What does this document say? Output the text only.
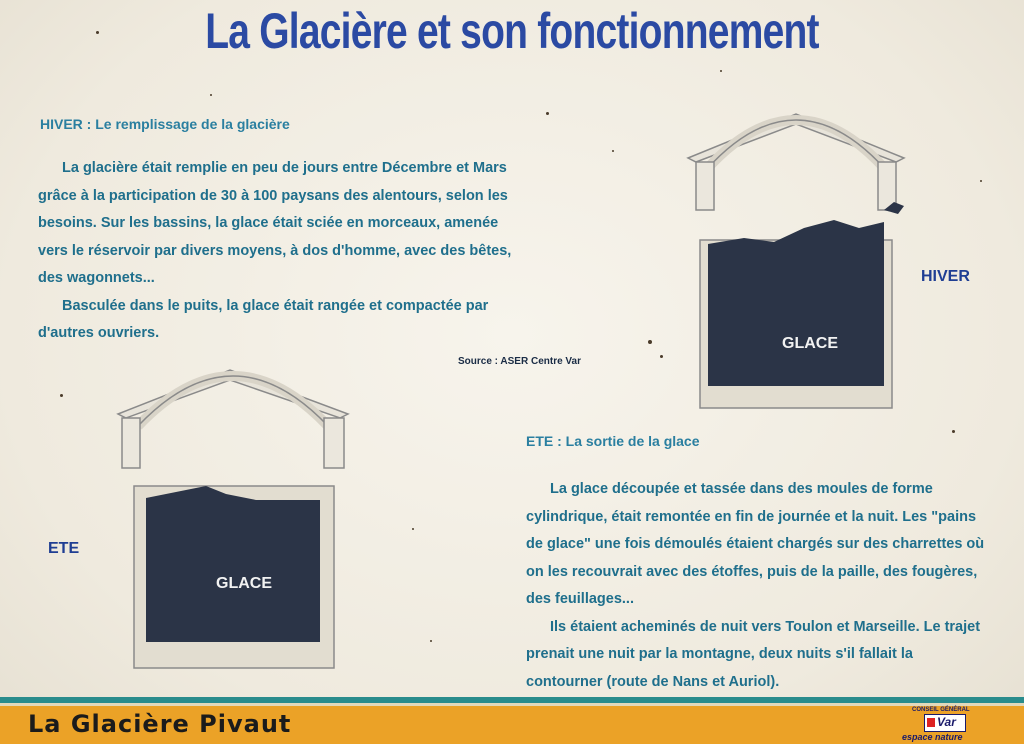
La Glacière et son fonctionnement
HIVER : Le remplissage de la glacière

La glacière était remplie en peu de jours entre Décembre et Mars grâce à la participation de 30 à 100 paysans des alentours, selon les besoins. Sur les bassins, la glace était sciée en morceaux, amenée vers le réservoir par divers moyens, à dos d'homme, avec des bêtes, des wagonnets...

Basculée dans le puits, la glace était rangée et compactée par d'autres ouvriers.

Source : ASER Centre Var
GLACE
HIVER
GLACE
ETE
ETE : La sortie de la glace

La glace découpée et tassée dans des moules de forme cylindrique, était remontée en fin de journée et la nuit. Les "pains de glace" une fois démoulés étaient chargés sur des charrettes où on les recouvrait avec des étoffes, puis de la paille, des fougères, des feuillages...

Ils étaient acheminés de nuit vers Toulon et Marseille. Le trajet prenait une nuit par la montagne, deux nuits s'il fallait la contourner (route de Nans et Auriol).

La Glacière Pivaut	CONSEIL GÉNÉRAL
Var
espace nature
